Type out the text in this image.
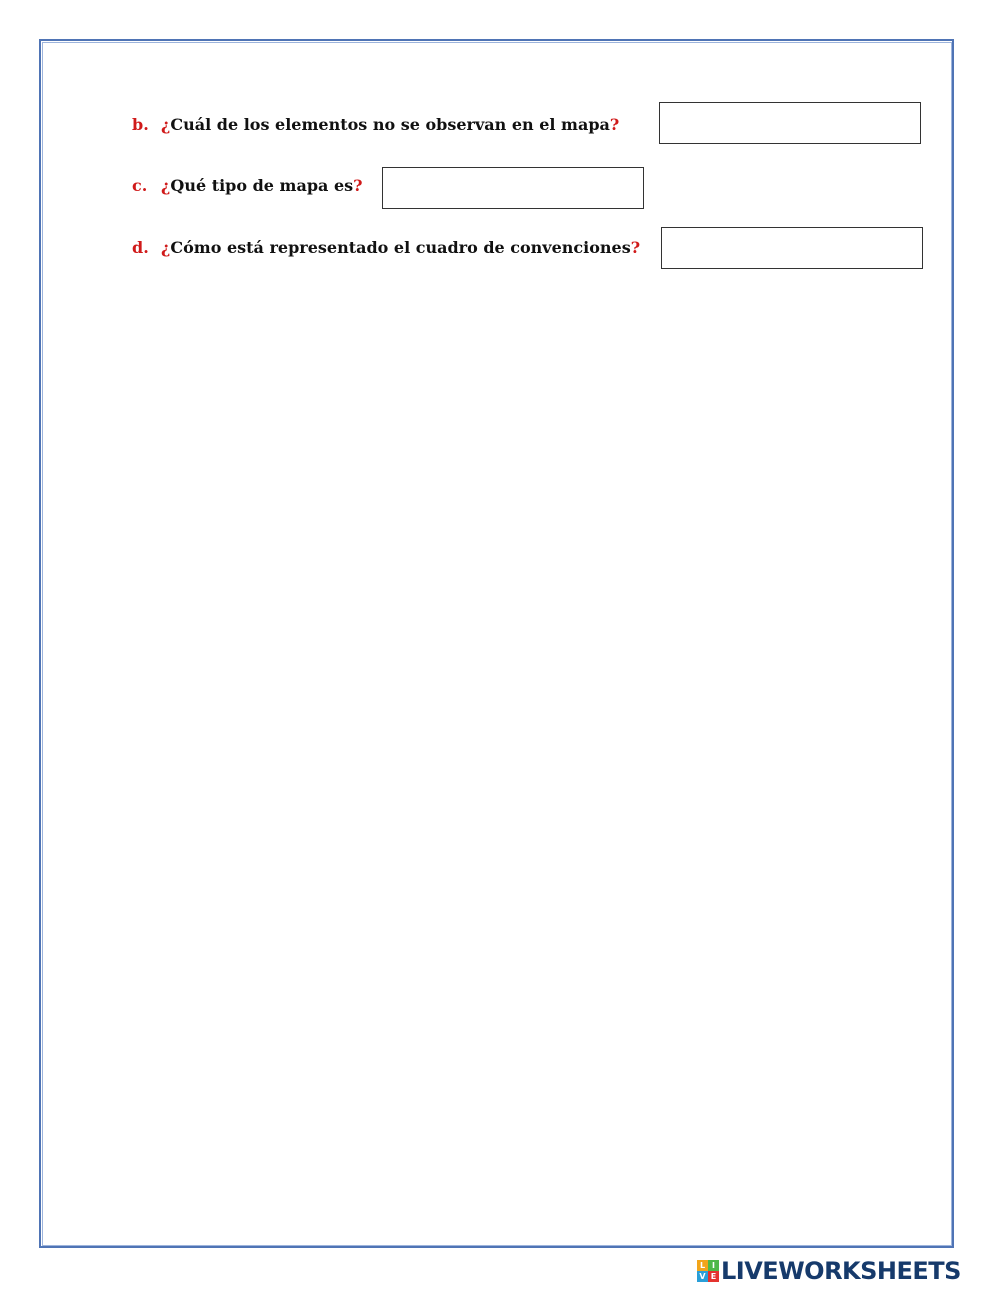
b. ¿Cuál de los elementos no se observan en el mapa?
c. ¿Qué tipo de mapa es?
d. ¿Cómo está representado el cuadro de convenciones?
L I
V E LIVEWORKSHEETS
